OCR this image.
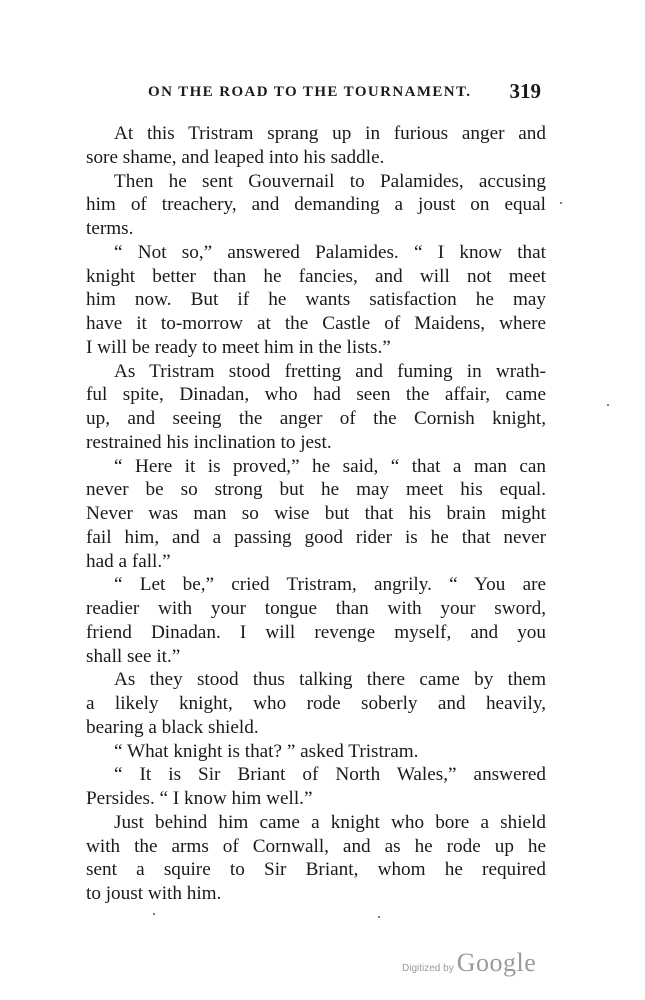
ON THE ROAD TO THE TOURNAMENT. 319
At this Tristram sprang up in furious anger and
sore shame, and leaped into his saddle.
Then he sent Gouvernail to Palamides, accusing
him of treachery, and demanding a joust on equal
terms.
“ Not so,” answered Palamides. “ I know that
knight better than he fancies, and will not meet
him now. But if he wants satisfaction he may
have it to-morrow at the Castle of Maidens, where
I will be ready to meet him in the lists.”
As Tristram stood fretting and fuming in wrath-
ful spite, Dinadan, who had seen the affair, came
up, and seeing the anger of the Cornish knight,
restrained his inclination to jest.
“ Here it is proved,” he said, “ that a man can
never be so strong but he may meet his equal.
Never was man so wise but that his brain might
fail him, and a passing good rider is he that never
had a fall.”
“ Let be,” cried Tristram, angrily. “ You are
readier with your tongue than with your sword,
friend Dinadan. I will revenge myself, and you
shall see it.”
As they stood thus talking there came by them
a likely knight, who rode soberly and heavily,
bearing a black shield.
“ What knight is that? ” asked Tristram.
“ It is Sir Briant of North Wales,” answered
Persides. “ I know him well.”
Just behind him came a knight who bore a shield
with the arms of Cornwall, and as he rode up he
sent a squire to Sir Briant, whom he required
to joust with him.
Digitized by Google
